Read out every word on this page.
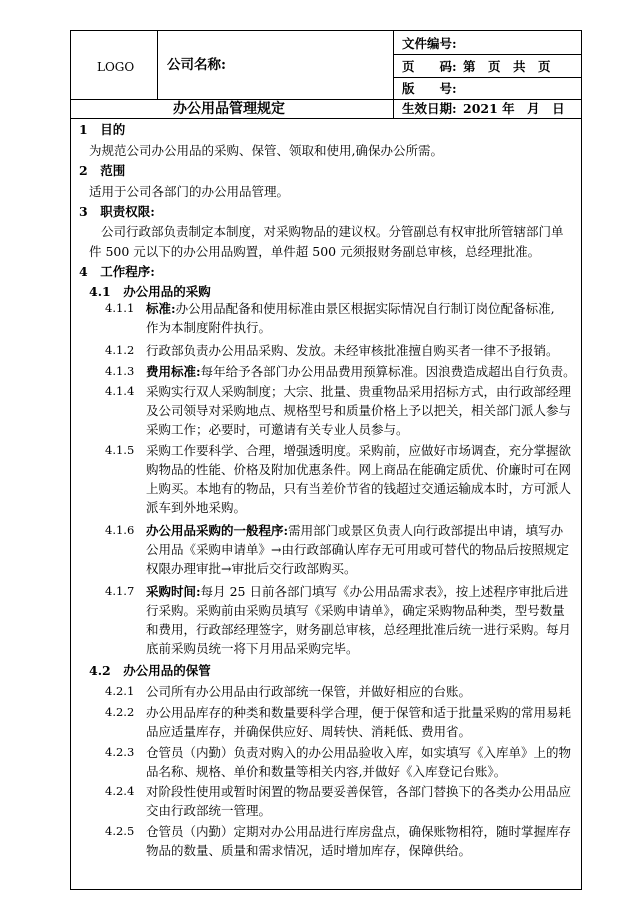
LOGO 公司名称:
文件编号:
页　　码: 第　页　共　页
版　　号:
办公用品管理规定	生效日期: 2021 年　月　日
1　目的
为规范公司办公用品的采购、保管、领取和使用,确保办公所需。
2　范围
适用于公司各部门的办公用品管理。
3　职责权限:
公司行政部负责制定本制度，对采购物品的建议权。分管副总有权审批所管辖部门单
件 500 元以下的办公用品购置，单件超 500 元须报财务副总审核，总经理批准。
4　工作程序:
4.1　办公用品的采购
4.1.1 标准:办公用品配备和使用标准由景区根据实际情况自行制订岗位配备标准,
作为本制度附件执行。
4.1.2 行政部负责办公用品采购、发放。未经审核批准擅自购买者一律不予报销。
4.1.3 费用标准:每年给予各部门办公用品费用预算标准。因浪费造成超出自行负责。
4.1.4 采购实行双人采购制度；大宗、批量、贵重物品采用招标方式，由行政部经理
及公司领导对采购地点、规格型号和质量价格上予以把关，相关部门派人参与
采购工作；必要时，可邀请有关专业人员参与。
4.1.5 采购工作要科学、合理，增强透明度。采购前，应做好市场调查，充分掌握欲
购物品的性能、价格及附加优惠条件。网上商品在能确定质优、价廉时可在网
上购买。本地有的物品，只有当差价节省的钱超过交通运输成本时，方可派人
派车到外地采购。
4.1.6 办公用品采购的一般程序:需用部门或景区负责人向行政部提出申请，填写办
公用品《采购申请单》→由行政部确认库存无可用或可替代的物品后按照规定
权限办理审批→审批后交行政部购买。
4.1.7 采购时间:每月 25 日前各部门填写《办公用品需求表》，按上述程序审批后进
行采购。采购前由采购员填写《采购申请单》，确定采购物品种类，型号数量
和费用，行政部经理签字，财务副总审核，总经理批准后统一进行采购。每月
底前采购员统一将下月用品采购完毕。
4.2　办公用品的保管
4.2.1 公司所有办公用品由行政部统一保管，并做好相应的台账。
4.2.2 办公用品库存的种类和数量要科学合理，便于保管和适于批量采购的常用易耗
品应适量库存，并确保供应好、周转快、消耗低、费用省。
4.2.3 仓管员（内勤）负责对购入的办公用品验收入库，如实填写《入库单》上的物
品名称、规格、单价和数量等相关内容,并做好《入库登记台账》。
4.2.4 对阶段性使用或暂时闲置的物品要妥善保管，各部门替换下的各类办公用品应
交由行政部统一管理。
4.2.5 仓管员（内勤）定期对办公用品进行库房盘点，确保账物相符，随时掌握库存
物品的数量、质量和需求情况，适时增加库存，保障供给。
